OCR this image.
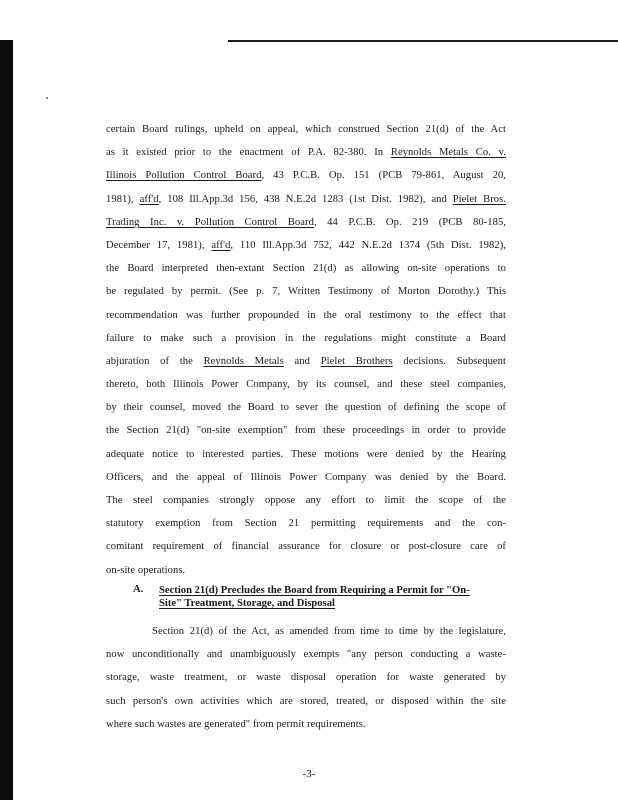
certain Board rulings, upheld on appeal, which construed Section 21(d) of the Act
as it existed prior to the enactment of P.A. 82-380. In Reynolds Metals Co. v.
Illinois Pollution Control Board, 43 P.C.B. Op. 151 (PCB 79-861, August 20,
1981), aff'd, 108 Ill.App.3d 156, 438 N.E.2d 1283 (1st Dist. 1982), and Pielet Bros.
Trading Inc. v. Pollution Control Board, 44 P.C.B. Op. 219 (PCB 80-185,
December 17, 1981), aff'd, 110 Ill.App.3d 752, 442 N.E.2d 1374 (5th Dist. 1982),
the Board interpreted then-extant Section 21(d) as allowing on-site operations to
be regulated by permit. (See p. 7, Written Testimony of Morton Dorothy.) This
recommendation was further propounded in the oral testimony to the effect that
failure to make such a provision in the regulations might constitute a Board
abjuration of the Reynolds Metals and Pielet Brothers decisions. Subsequent
thereto, both Illinois Power Company, by its counsel, and these steel companies,
by their counsel, moved the Board to sever the question of defining the scope of
the Section 21(d) "on-site exemption" from these proceedings in order to provide
adequate notice to interested parties. These motions were denied by the Hearing
Officers, and the appeal of Illinois Power Company was denied by the Board.
The steel companies strongly oppose any effort to limit the scope of the
statutory exemption from Section 21 permitting requirements and the con-
comitant requirement of financial assurance for closure or post-closure care of
on-site operations.
A. Section 21(d) Precludes the Board from Requiring a Permit for "On-
Site" Treatment, Storage, and Disposal
Section 21(d) of the Act, as amended from time to time by the legislature,
now unconditionally and unambiguously exempts "any person conducting a waste-
storage, waste treatment, or waste disposal operation for waste generated by
such person's own activities which are stored, treated, or disposed within the site
where such wastes are generated" from permit requirements.
-3-
